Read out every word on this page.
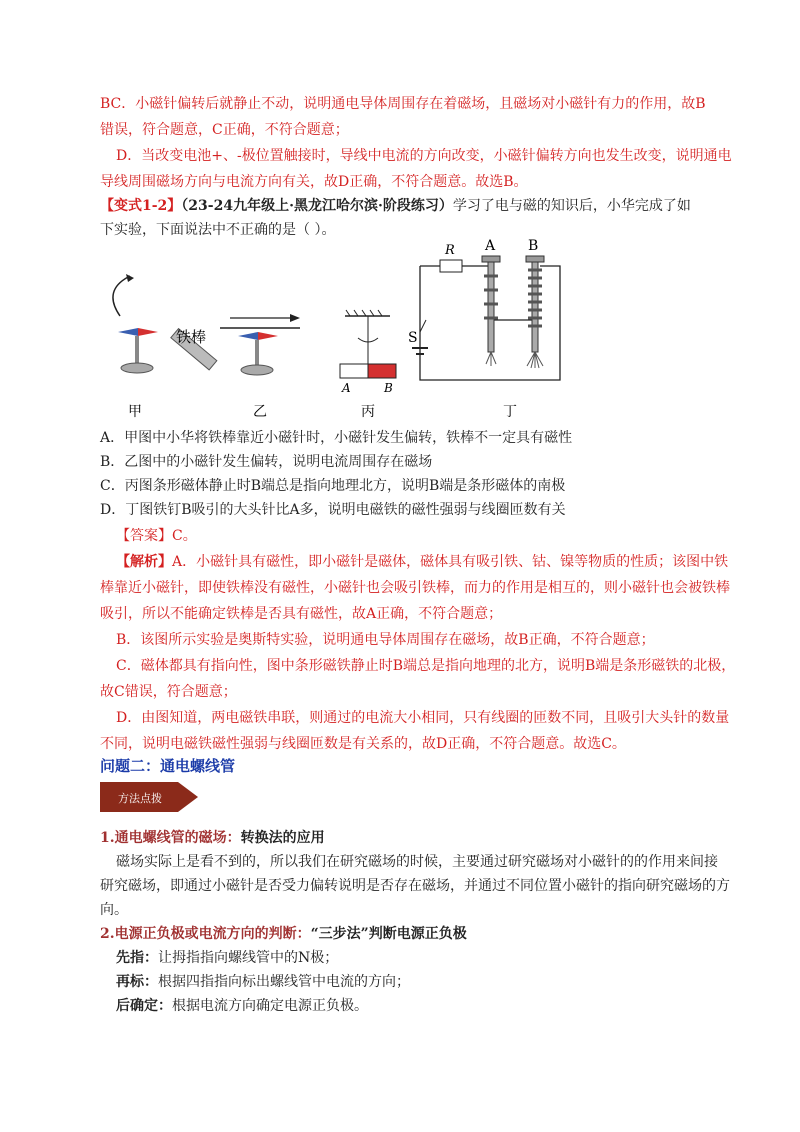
BC．小磁针偏转后就静止不动，说明通电导体周围存在着磁场，且磁场对小磁针有力的作用，故B
错误，符合题意，C正确，不符合题意；
D．当改变电池+、-极位置触接时，导线中电流的方向改变，小磁针偏转方向也发生改变，说明通电
导线周围磁场方向与电流方向有关，故D正确，不符合题意。故选B。
【变式1-2】（23-24九年级上·黑龙江哈尔滨·阶段练习）学习了电与磁的知识后，小华完成了如
下实验，下面说法中不正确的是（ ）。
铁棒
甲	乙
A	B
丙
R
S
A B
丁
A．甲图中小华将铁棒靠近小磁针时，小磁针发生偏转，铁棒不一定具有磁性
B．乙图中的小磁针发生偏转，说明电流周围存在磁场
C．丙图条形磁体静止时B端总是指向地理北方，说明B端是条形磁体的南极
D．丁图铁钉B吸引的大头针比A多，说明电磁铁的磁性强弱与线圈匝数有关
【答案】C。
【解析】A．小磁针具有磁性，即小磁针是磁体，磁体具有吸引铁、钴、镍等物质的性质；该图中铁
棒靠近小磁针，即使铁棒没有磁性，小磁针也会吸引铁棒，而力的作用是相互的，则小磁针也会被铁棒
吸引，所以不能确定铁棒是否具有磁性，故A正确，不符合题意；
B．该图所示实验是奥斯特实验，说明通电导体周围存在磁场，故B正确，不符合题意；
C．磁体都具有指向性，图中条形磁铁静止时B端总是指向地理的北方，说明B端是条形磁铁的北极，
故C错误，符合题意；
D．由图知道，两电磁铁串联，则通过的电流大小相同，只有线圈的匝数不同，且吸引大头针的数量
不同，说明电磁铁磁性强弱与线圈匝数是有关系的，故D正确，不符合题意。故选C。
问题二：通电螺线管
方法点拨
1.通电螺线管的磁场：转换法的应用
磁场实际上是看不到的，所以我们在研究磁场的时候，主要通过研究磁场对小磁针的的作用来间接
研究磁场，即通过小磁针是否受力偏转说明是否存在磁场，并通过不同位置小磁针的指向研究磁场的方
向。
2.电源正负极或电流方向的判断：“三步法”判断电源正负极
先指：让拇指指向螺线管中的N极；
再标：根据四指指向标出螺线管中电流的方向；
后确定：根据电流方向确定电源正负极。
